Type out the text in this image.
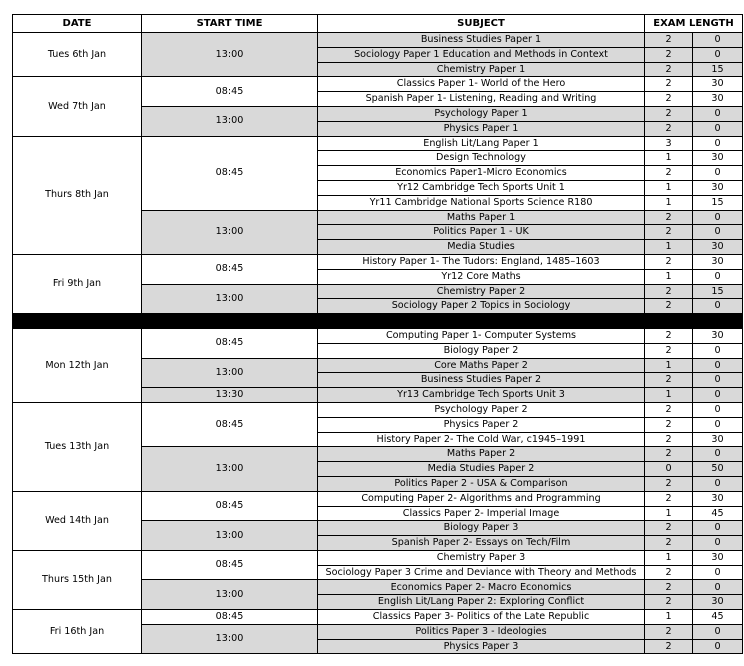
DATE	START TIME	SUBJECT	EXAM LENGTH	
Tues 6th Jan	13:00	Business Studies Paper 1	2	0
		Sociology Paper 1 Education and Methods in Context	2	0
		Chemistry Paper 1	2	15
Wed 7th Jan	08:45	Classics Paper 1- World of the Hero	2	30
		Spanish Paper 1- Listening, Reading and Writing	2	30
	13:00	Psychology Paper 1	2	0
		Physics Paper 1	2	0
Thurs 8th Jan	08:45	English Lit/Lang Paper 1	3	0
		Design Technology	1	30
		Economics Paper1-Micro Economics	2	0
		Yr12 Cambridge Tech Sports Unit 1	1	30
		Yr11 Cambridge National Sports Science R180	1	15
	13:00	Maths Paper 1	2	0
		Politics Paper 1 - UK	2	0
		Media Studies	1	30
Fri 9th Jan	08:45	History Paper 1- The Tudors: England, 1485–1603	2	30
		Yr12 Core Maths	1	0
	13:00	Chemistry Paper 2	2	15
		Sociology Paper 2 Topics in Sociology	2	0

Mon 12th Jan	08:45	Computing Paper 1- Computer Systems	2	30
		Biology Paper 2	2	0
	13:00	Core Maths Paper 2	1	0
		Business Studies Paper 2	2	0
	13:30	Yr13 Cambridge Tech Sports Unit 3	1	0
Tues 13th Jan	08:45	Psychology Paper 2	2	0
		Physics Paper 2	2	0
		History Paper 2- The Cold War, c1945–1991	2	30
	13:00	Maths Paper 2	2	0
		Media Studies Paper 2	0	50
		Politics Paper 2 - USA & Comparison	2	0
Wed 14th Jan	08:45	Computing Paper 2- Algorithms and Programming	2	30
		Classics Paper 2- Imperial Image	1	45
	13:00	Biology Paper 3	2	0
		Spanish Paper 2- Essays on Tech/Film	2	0
Thurs 15th Jan	08:45	Chemistry Paper 3	1	30
		Sociology Paper 3 Crime and Deviance with Theory and Methods	2	0
	13:00	Economics Paper 2- Macro Economics	2	0
		English Lit/Lang Paper 2: Exploring Conflict	2	30
Fri 16th Jan	08:45	Classics Paper 3- Politics of the Late Republic	1	45
	13:00	Politics Paper 3 - Ideologies	2	0
		Physics Paper 3	2	0
